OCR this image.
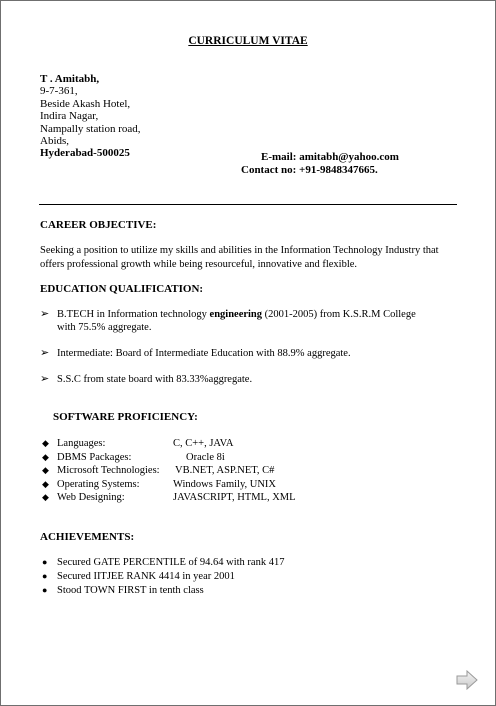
CURRICULUM VITAE
T . Amitabh,
9-7-361,
Beside Akash Hotel,
Indira Nagar,
Nampally station road,
Abids,
Hyderabad-500025	E-mail: amitabh@yahoo.com
Contact no: +91-9848347665.
CAREER OBJECTIVE:
Seeking a position to utilize my skills and abilities in the Information Technology Industry that offers professional growth while being resourceful, innovative and flexible.
EDUCATION QUALIFICATION:
➢ B.TECH in Information technology engineering (2001-2005) from K.S.R.M College
with 75.5% aggregate.
➢ Intermediate: Board of Intermediate Education with 88.9% aggregate.
➢ S.S.C from state board with 83.33%aggregate.
SOFTWARE PROFICIENCY:
◆ Languages:	C, C++, JAVA
◆ DBMS Packages:	Oracle 8i
◆ Microsoft Technologies: VB.NET, ASP.NET, C#
◆ Operating Systems:	Windows Family, UNIX
◆ Web Designing:	JAVASCRIPT, HTML, XML
ACHIEVEMENTS:
● Secured GATE PERCENTILE of 94.64 with rank 417
● Secured IITJEE RANK 4414 in year 2001
● Stood TOWN FIRST in tenth class
